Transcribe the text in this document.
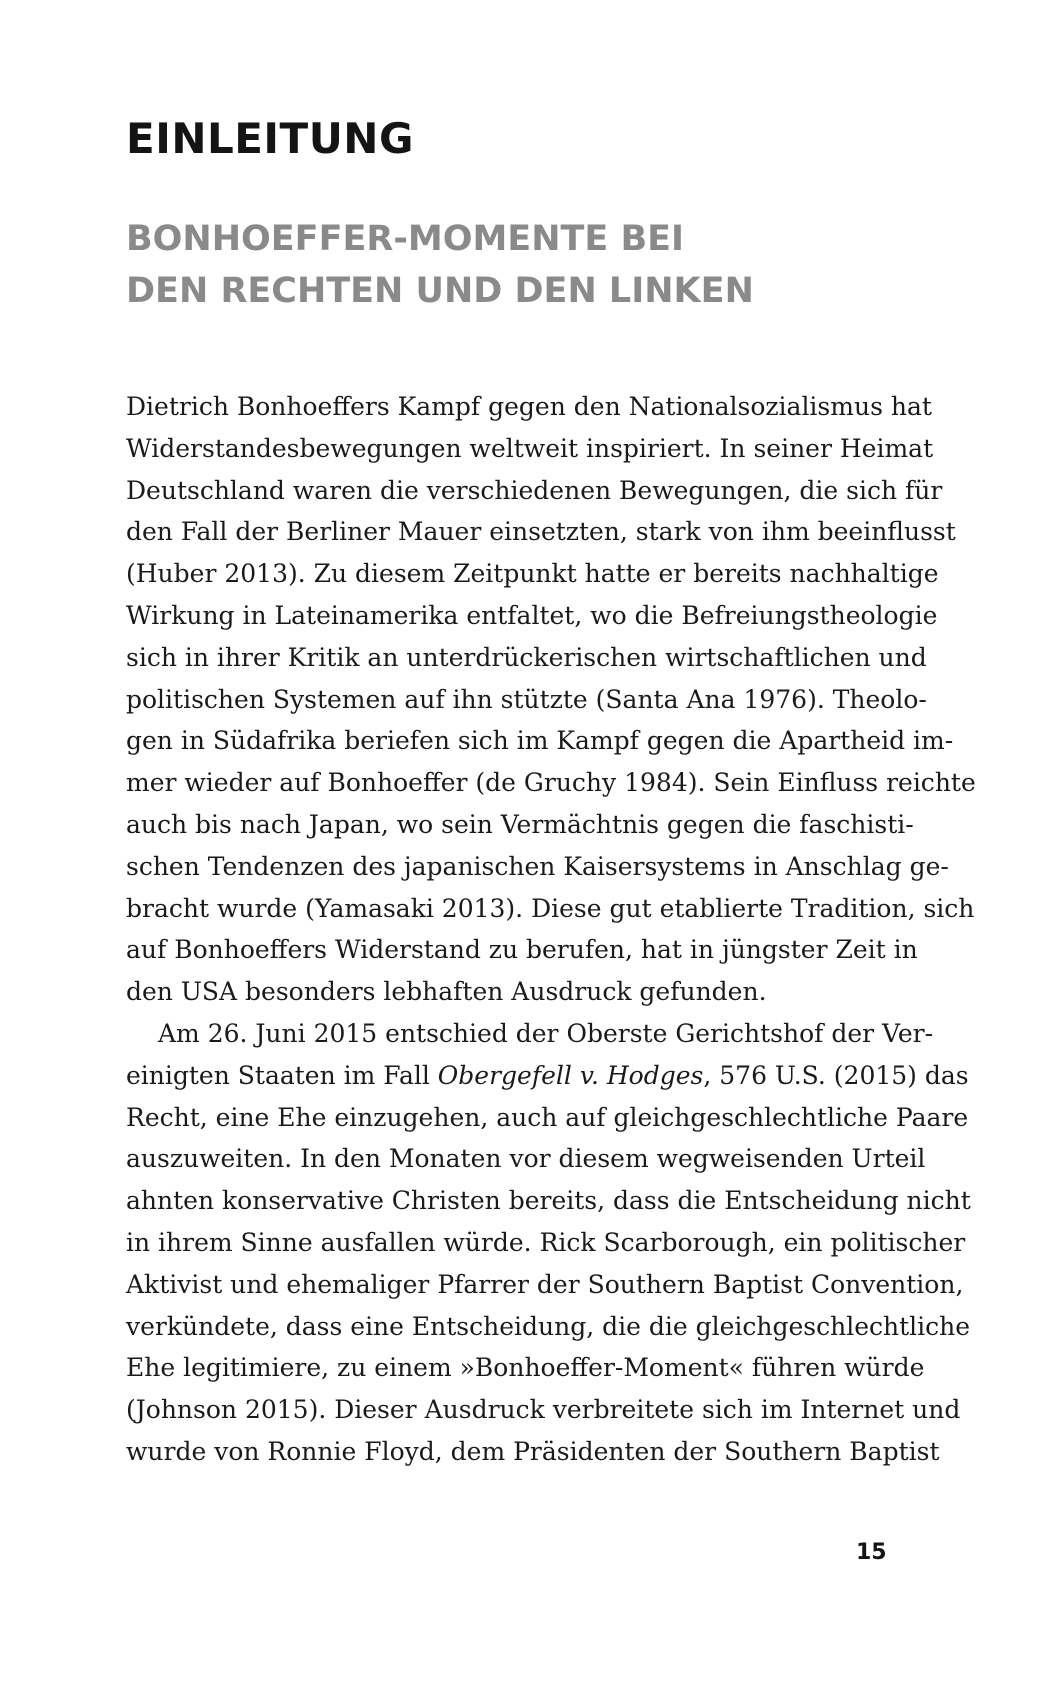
EINLEITUNG
BONHOEFFER-MOMENTE BEI
DEN RECHTEN UND DEN LINKEN

Dietrich Bonhoeffers Kampf gegen den Nationalsozialismus hat
Widerstandesbewegungen weltweit inspiriert. In seiner Heimat
Deutschland waren die verschiedenen Bewegungen, die sich für
den Fall der Berliner Mauer einsetzten, stark von ihm beeinflusst
(Huber 2013). Zu diesem Zeitpunkt hatte er bereits nachhaltige
Wirkung in Lateinamerika entfaltet, wo die Befreiungstheologie
sich in ihrer Kritik an unterdrückerischen wirtschaftlichen und
politischen Systemen auf ihn stützte (Santa Ana 1976). Theolo-
gen in Südafrika beriefen sich im Kampf gegen die Apartheid im-
mer wieder auf Bonhoeffer (de Gruchy 1984). Sein Einfluss reichte
auch bis nach Japan, wo sein Vermächtnis gegen die faschisti-
schen Tendenzen des japanischen Kaisersystems in Anschlag ge-
bracht wurde (Yamasaki 2013). Diese gut etablierte Tradition, sich
auf Bonhoeffers Widerstand zu berufen, hat in jüngster Zeit in
den USA besonders lebhaften Ausdruck gefunden.

Am 26. Juni 2015 entschied der Oberste Gerichtshof der Ver-
einigten Staaten im Fall Obergefell v. Hodges, 576 U.S. (2015) das
Recht, eine Ehe einzugehen, auch auf gleichgeschlechtliche Paare
auszuweiten. In den Monaten vor diesem wegweisenden Urteil
ahnten konservative Christen bereits, dass die Entscheidung nicht
in ihrem Sinne ausfallen würde. Rick Scarborough, ein politischer
Aktivist und ehemaliger Pfarrer der Southern Baptist Convention,
verkündete, dass eine Entscheidung, die die gleichgeschlechtliche
Ehe legitimiere, zu einem »Bonhoeffer-Moment« führen würde
(Johnson 2015). Dieser Ausdruck verbreitete sich im Internet und
wurde von Ronnie Floyd, dem Präsidenten der Southern Baptist

15
